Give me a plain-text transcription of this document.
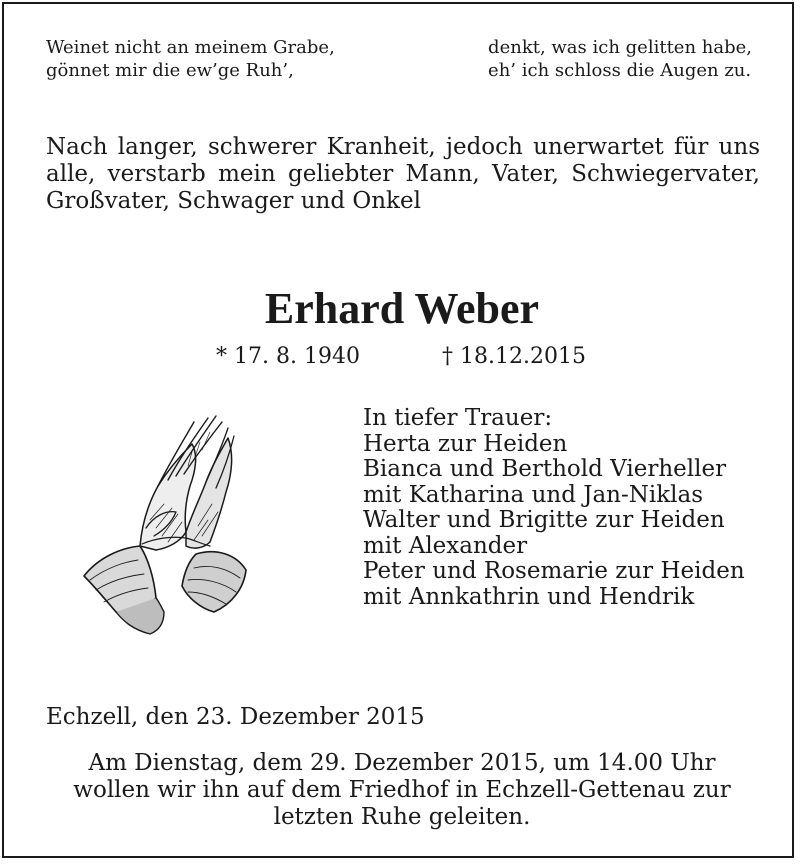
Weinet nicht an meinem Grabe,
gönnet mir die ew’ge Ruh’,
denkt, was ich gelitten habe,
eh’ ich schloss die Augen zu.
Nach langer, schwerer Kranheit, jedoch unerwartet für uns alle, verstarb mein geliebter Mann, Vater, Schwiegervater, Großvater, Schwager und Onkel
Erhard Weber
* 17. 8. 1940	† 18.12.2015
In tiefer Trauer:
Herta zur Heiden
Bianca und Berthold Vierheller
mit Katharina und Jan-Niklas
Walter und Brigitte zur Heiden
mit Alexander
Peter und Rosemarie zur Heiden
mit Annkathrin und Hendrik
Echzell, den 23. Dezember 2015
Am Dienstag, dem 29. Dezember 2015, um 14.00 Uhr
wollen wir ihn auf dem Friedhof in Echzell-Gettenau zur
letzten Ruhe geleiten.
